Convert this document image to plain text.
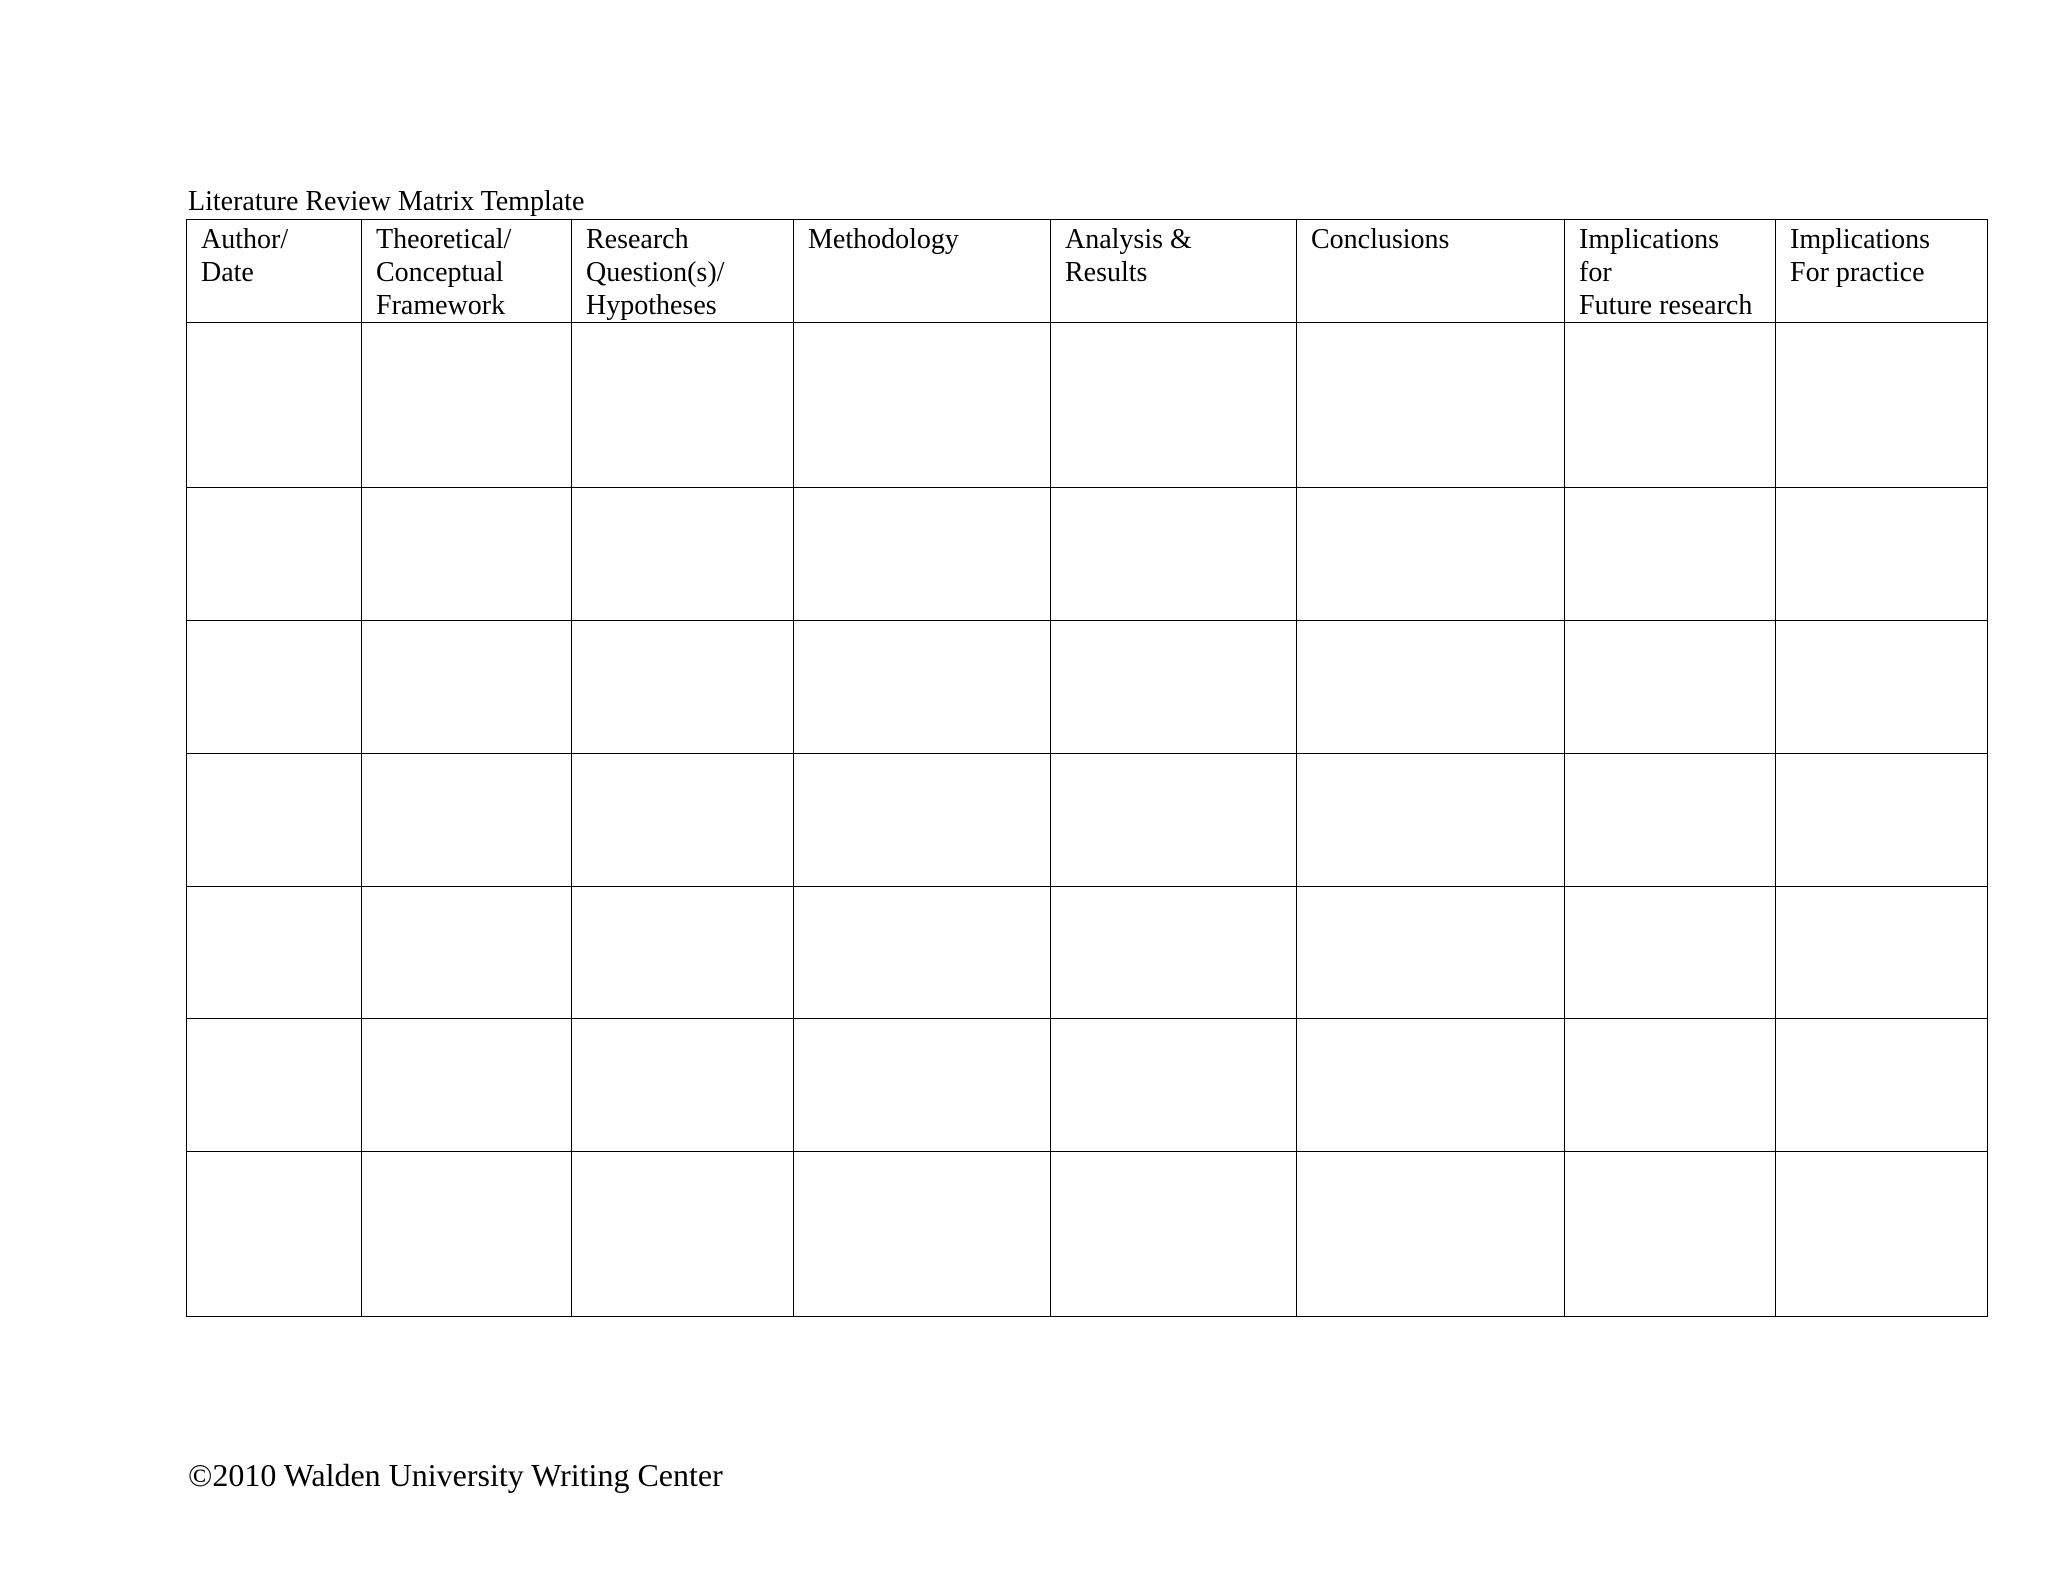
Literature Review Matrix Template
Author/
Date	Theoretical/
Conceptual
Framework	Research
Question(s)/
Hypotheses	Methodology	Analysis &
Results	Conclusions	Implications
for
Future research	Implications
For practice

©2010 Walden University Writing Center
